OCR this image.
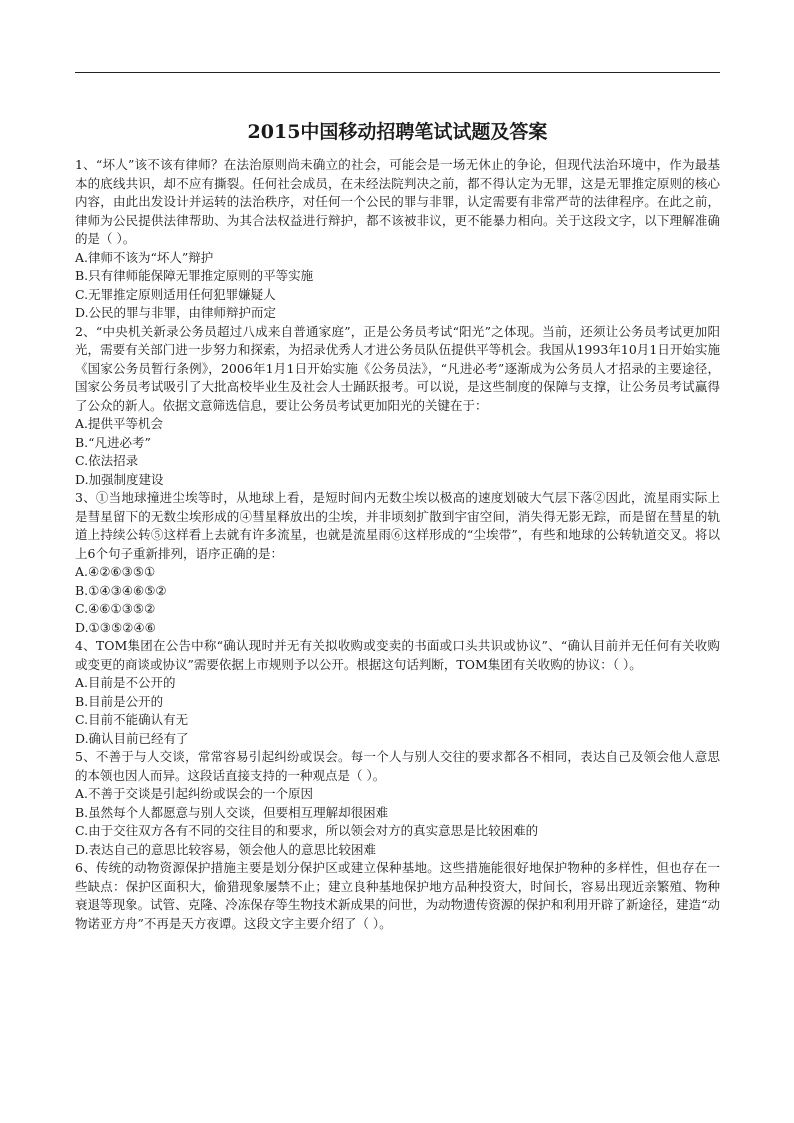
2015中国移动招聘笔试试题及答案

1、“坏人”该不该有律师？在法治原则尚未确立的社会，可能会是一场无休止的争论，但现代法治环境中，作为最基本的底线共识，却不应有撕裂。任何社会成员，在未经法院判决之前，都不得认定为无罪，这是无罪推定原则的核心内容，由此出发设计并运转的法治秩序，对任何一个公民的罪与非罪，认定需要有非常严苛的法律程序。在此之前，律师为公民提供法律帮助、为其合法权益进行辩护，都不该被非议，更不能暴力相向。关于这段文字，以下理解准确的是（ ）。

A.律师不该为“坏人”辩护

B.只有律师能保障无罪推定原则的平等实施

C.无罪推定原则适用任何犯罪嫌疑人

D.公民的罪与非罪，由律师辩护而定

2、“中央机关新录公务员超过八成来自普通家庭”，正是公务员考试“阳光”之体现。当前，还须让公务员考试更加阳光，需要有关部门进一步努力和探索，为招录优秀人才进公务员队伍提供平等机会。我国从1993年10月1日开始实施《国家公务员暂行条例》，2006年1月1日开始实施《公务员法》，“凡进必考”逐渐成为公务员人才招录的主要途径，国家公务员考试吸引了大批高校毕业生及社会人士踊跃报考。可以说，是这些制度的保障与支撑，让公务员考试赢得了公众的新人。依据文意筛选信息，要让公务员考试更加阳光的关键在于：

A.提供平等机会

B.“凡进必考”

C.依法招录

D.加强制度建设

3、①当地球撞进尘埃等时，从地球上看，是短时间内无数尘埃以极高的速度划破大气层下落②因此，流星雨实际上是彗星留下的无数尘埃形成的④彗星释放出的尘埃，并非顷刻扩散到宇宙空间，消失得无影无踪，而是留在彗星的轨道上持续公转⑤这样看上去就有许多流星，也就是流星雨⑥这样形成的“尘埃带”，有些和地球的公转轨道交叉。将以上6个句子重新排列，语序正确的是：

A.④②⑥③⑤①

B.①④③④⑥⑤②

C.④⑥①③⑤②

D.①③⑤②④⑥

4、TOM集团在公告中称“确认现时并无有关拟收购或变卖的书面或口头共识或协议”、“确认目前并无任何有关收购或变更的商谈或协议”需要依据上市规则予以公开。根据这句话判断，TOM集团有关收购的协议：（ ）。

A.目前是不公开的

B.目前是公开的

C.目前不能确认有无

D.确认目前已经有了

5、不善于与人交谈，常常容易引起纠纷或误会。每一个人与别人交往的要求都各不相同，表达自己及领会他人意思的本领也因人而异。这段话直接支持的一种观点是（ ）。

A.不善于交谈是引起纠纷或误会的一个原因

B.虽然每个人都愿意与别人交谈，但要相互理解却很困难

C.由于交往双方各有不同的交往目的和要求，所以领会对方的真实意思是比较困难的

D.表达自己的意思比较容易，领会他人的意思比较困难

6、传统的动物资源保护措施主要是划分保护区或建立保种基地。这些措施能很好地保护物种的多样性，但也存在一些缺点：保护区面积大，偷猎现象屡禁不止；建立良种基地保护地方品种投资大，时间长，容易出现近亲繁殖、物种衰退等现象。试管、克隆、冷冻保存等生物技术新成果的问世，为动物遗传资源的保护和利用开辟了新途径，建造“动物诺亚方舟”不再是天方夜谭。这段文字主要介绍了（ ）。
